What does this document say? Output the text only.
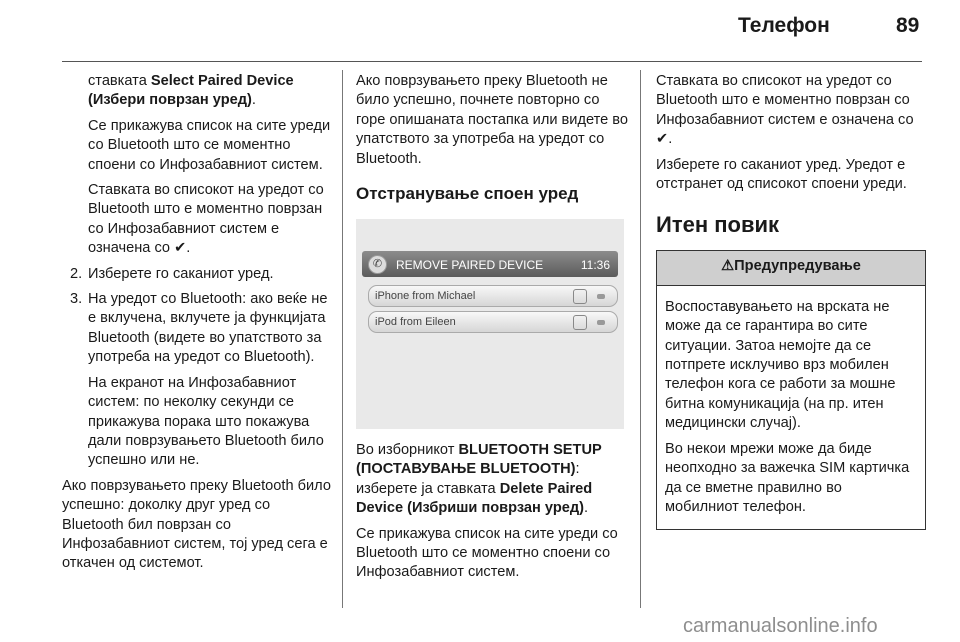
Телефон	89

ставката Select Paired Device (Избери поврзан уред).

Се прикажува список на сите уреди со Bluetooth што се моментно споени со Инфозабавниот систем.

Ставката во списокот на уредот со Bluetooth што е моментно поврзан со Инфозабавниот систем е означена со ✔.

2. Изберете го саканиот уред.

3. На уредот со Bluetooth: ако веќе не е вклучена, вклучете ја функцијата Bluetooth (видете во упатството за употреба на уредот со Bluetooth).

На екранот на Инфозабавниот систем: по неколку секунди се прикажува порака што покажува дали поврзувањето Bluetooth било успешно или не.

Ако поврзувањето преку Bluetooth било успешно: доколку друг уред со Bluetooth бил поврзан со Инфозабавниот систем, тој уред сега е откачен од системот.

Ако поврзувањето преку Bluetooth не било успешно, почнете повторно со горе опишаната постапка или видете во упатството за употреба на уредот со Bluetooth.

Отстранување споен уред

✆	REMOVE PAIRED DEVICE	11:36
iPhone from Michael
iPod from Eileen

Во изборникот BLUETOOTH SETUP (ПОСТАВУВАЊЕ BLUETOOTH): изберете ја ставката Delete Paired Device (Избриши поврзан уред).

Се прикажува список на сите уреди со Bluetooth што се моментно споени со Инфозабавниот систем.

Ставката во списокот на уредот со Bluetooth што е моментно поврзан со Инфозабавниот систем е означена со ✔.

Изберете го саканиот уред. Уредот е отстранет од списокот споени уреди.

Итен повик

⚠Предупредување

Воспоставувањето на врската не може да се гарантира во сите ситуации. Затоа немојте да се потпрете исклучиво врз мобилен телефон кога се работи за мошне битна комуникација (на пр. итен медицински случај).

Во некои мрежи може да биде неопходно за важечка SIM картичка да се вметне правилно во мобилниот телефон.

carmanualsonline.info
